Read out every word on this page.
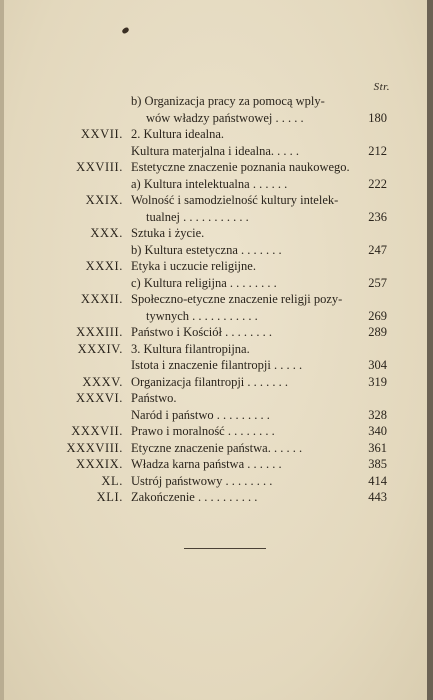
Str.
b) Organizacja pracy za pomocą wply-
wów władzy państwowej . . . . .	180
XXVII. 2. Kultura idealna.
Kultura materjalna i idealna. . . . .	212
XXVIII. Estetyczne znaczenie poznania naukowego.
a) Kultura intelektualna . . . . . .	222
XXIX. Wolność i samodzielność kultury intelek-
tualnej . . . . . . . . . . .	236
XXX. Sztuka i życie.
b) Kultura estetyczna . . . . . . .	247
XXXI. Etyka i uczucie religijne.
c) Kultura religijna . . . . . . . .	257
XXXII. Społeczno-etyczne znaczenie religji pozy-
tywnych . . . . . . . . . . .	269
XXXIII. Państwo i Kościół . . . . . . . .	289
XXXIV. 3. Kultura filantropijna.
Istota i znaczenie filantropji . . . . .	304
XXXV. Organizacja filantropji . . . . . . .	319
XXXVI. Państwo.
Naród i państwo . . . . . . . . .	328
XXXVII. Prawo i moralność . . . . . . . .	340
XXXVIII. Etyczne znaczenie państwa. . . . . .	361
XXXIX. Władza karna państwa . . . . . .	385
XL. Ustrój państwowy . . . . . . . .	414
XLI. Zakończenie . . . . . . . . . .	443
